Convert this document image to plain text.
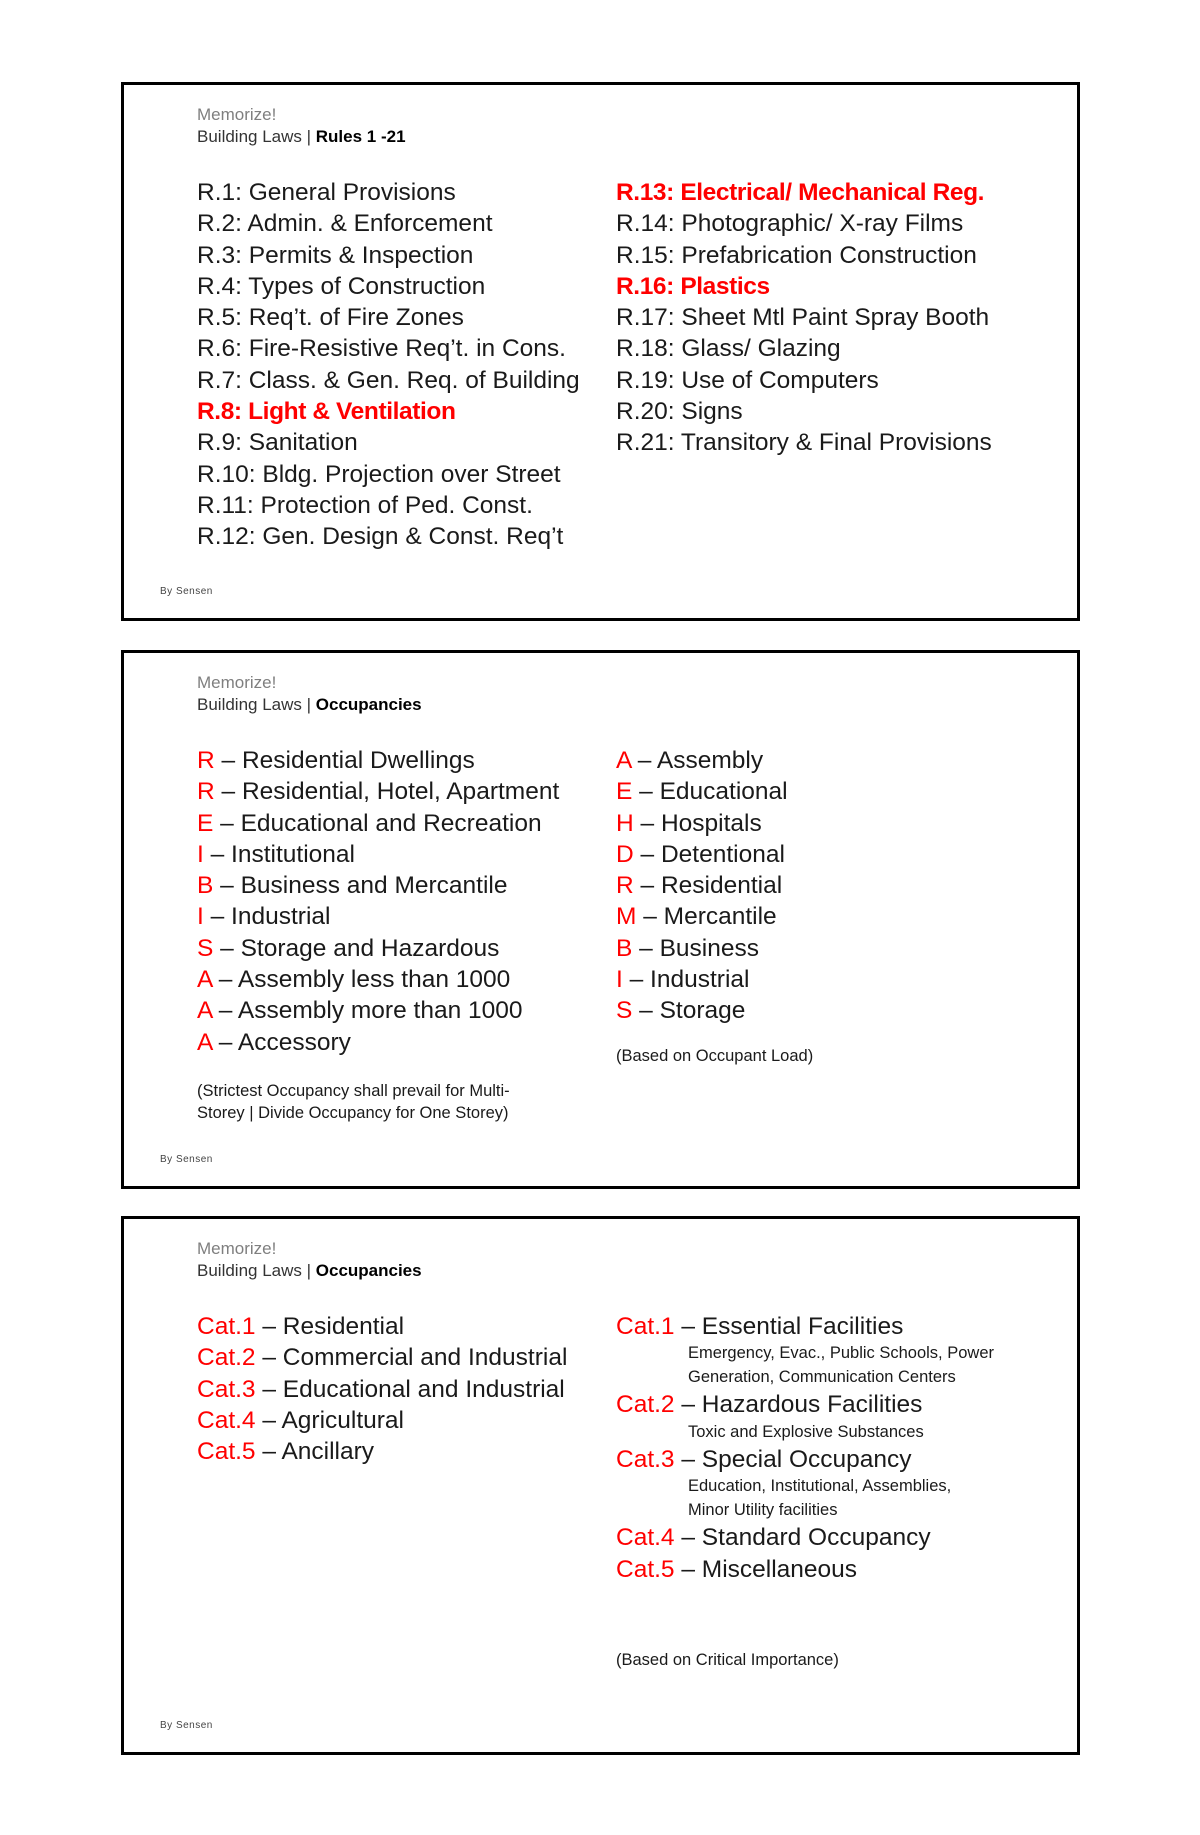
Memorize!
Building Laws | Rules 1 -21
R.1: General Provisions
R.2: Admin. & Enforcement
R.3: Permits & Inspection
R.4: Types of Construction
R.5: Req’t. of Fire Zones
R.6: Fire-Resistive Req’t. in Cons.
R.7: Class. & Gen. Req. of Building
R.8: Light & Ventilation
R.9: Sanitation
R.10: Bldg. Projection over Street
R.11: Protection of Ped. Const.
R.12: Gen. Design & Const. Req’t
R.13: Electrical/ Mechanical Reg.
R.14: Photographic/ X-ray Films
R.15: Prefabrication Construction
R.16: Plastics
R.17: Sheet Mtl Paint Spray Booth
R.18: Glass/ Glazing
R.19: Use of Computers
R.20: Signs
R.21: Transitory & Final Provisions
By Sensen
Memorize!
Building Laws | Occupancies
R – Residential Dwellings
R – Residential, Hotel, Apartment
E – Educational and Recreation
I – Institutional
B – Business and Mercantile
I – Industrial
S – Storage and Hazardous
A – Assembly less than 1000
A – Assembly more than 1000
A – Accessory
(Strictest Occupancy shall prevail for Multi-Storey | Divide Occupancy for One Storey)
A – Assembly
E – Educational
H – Hospitals
D – Detentional
R – Residential
M – Mercantile
B – Business
I – Industrial
S – Storage
(Based on Occupant Load)
By Sensen
Memorize!
Building Laws | Occupancies
Cat.1 – Residential
Cat.2 – Commercial and Industrial
Cat.3 – Educational and Industrial
Cat.4 – Agricultural
Cat.5 – Ancillary
Cat.1 – Essential Facilities
Emergency, Evac., Public Schools, Power Generation, Communication Centers
Cat.2 – Hazardous Facilities
Toxic and Explosive Substances
Cat.3 – Special Occupancy
Education, Institutional, Assemblies, Minor Utility facilities
Cat.4 – Standard Occupancy
Cat.5 – Miscellaneous
(Based on Critical Importance)
By Sensen
